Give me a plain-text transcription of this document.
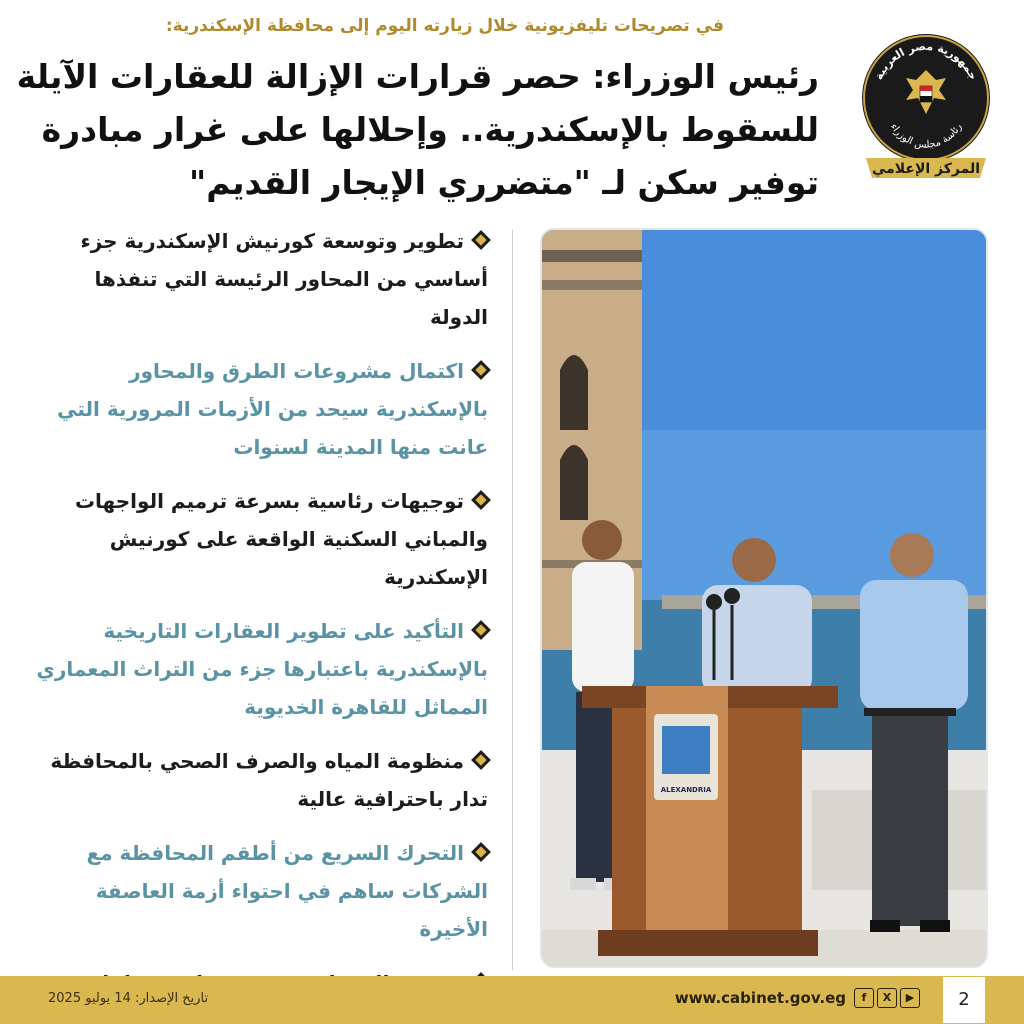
في تصريحات تليفزيونية خلال زيارته اليوم إلى محافظة الإسكندرية:
رئيس الوزراء: حصر قرارات الإزالة للعقارات الآيلة
للسقوط بالإسكندرية.. وإحلالها على غرار مبادرة
توفير سكن لـ "متضرري الإيجار القديم"
جمهورية مصر العربية
رئاسة مجلس الوزراء
المركز الإعلامي
تطوير وتوسعة كورنيش الإسكندرية جزء
أساسي من المحاور الرئيسة التي تنفذها
الدولة
اكتمال مشروعات الطرق والمحاور
بالإسكندرية سيحد من الأزمات المرورية التي
عانت منها المدينة لسنوات
توجيهات رئاسية بسرعة ترميم الواجهات
والمباني السكنية الواقعة على كورنيش
الإسكندرية
التأكيد على تطوير العقارات التاريخية
بالإسكندرية باعتبارها جزء من التراث المعماري
المماثل للقاهرة الخديوية
منظومة المياه والصرف الصحي بالمحافظة
تدار باحترافية عالية
التحرك السريع من أطقم المحافظة مع
الشركات ساهم في احتواء أزمة العاصفة
الأخيرة
ALEXANDRIA
تاريخ الإصدار: 14 يوليو 2025	www.cabinet.gov.eg	f	X	▶	2
